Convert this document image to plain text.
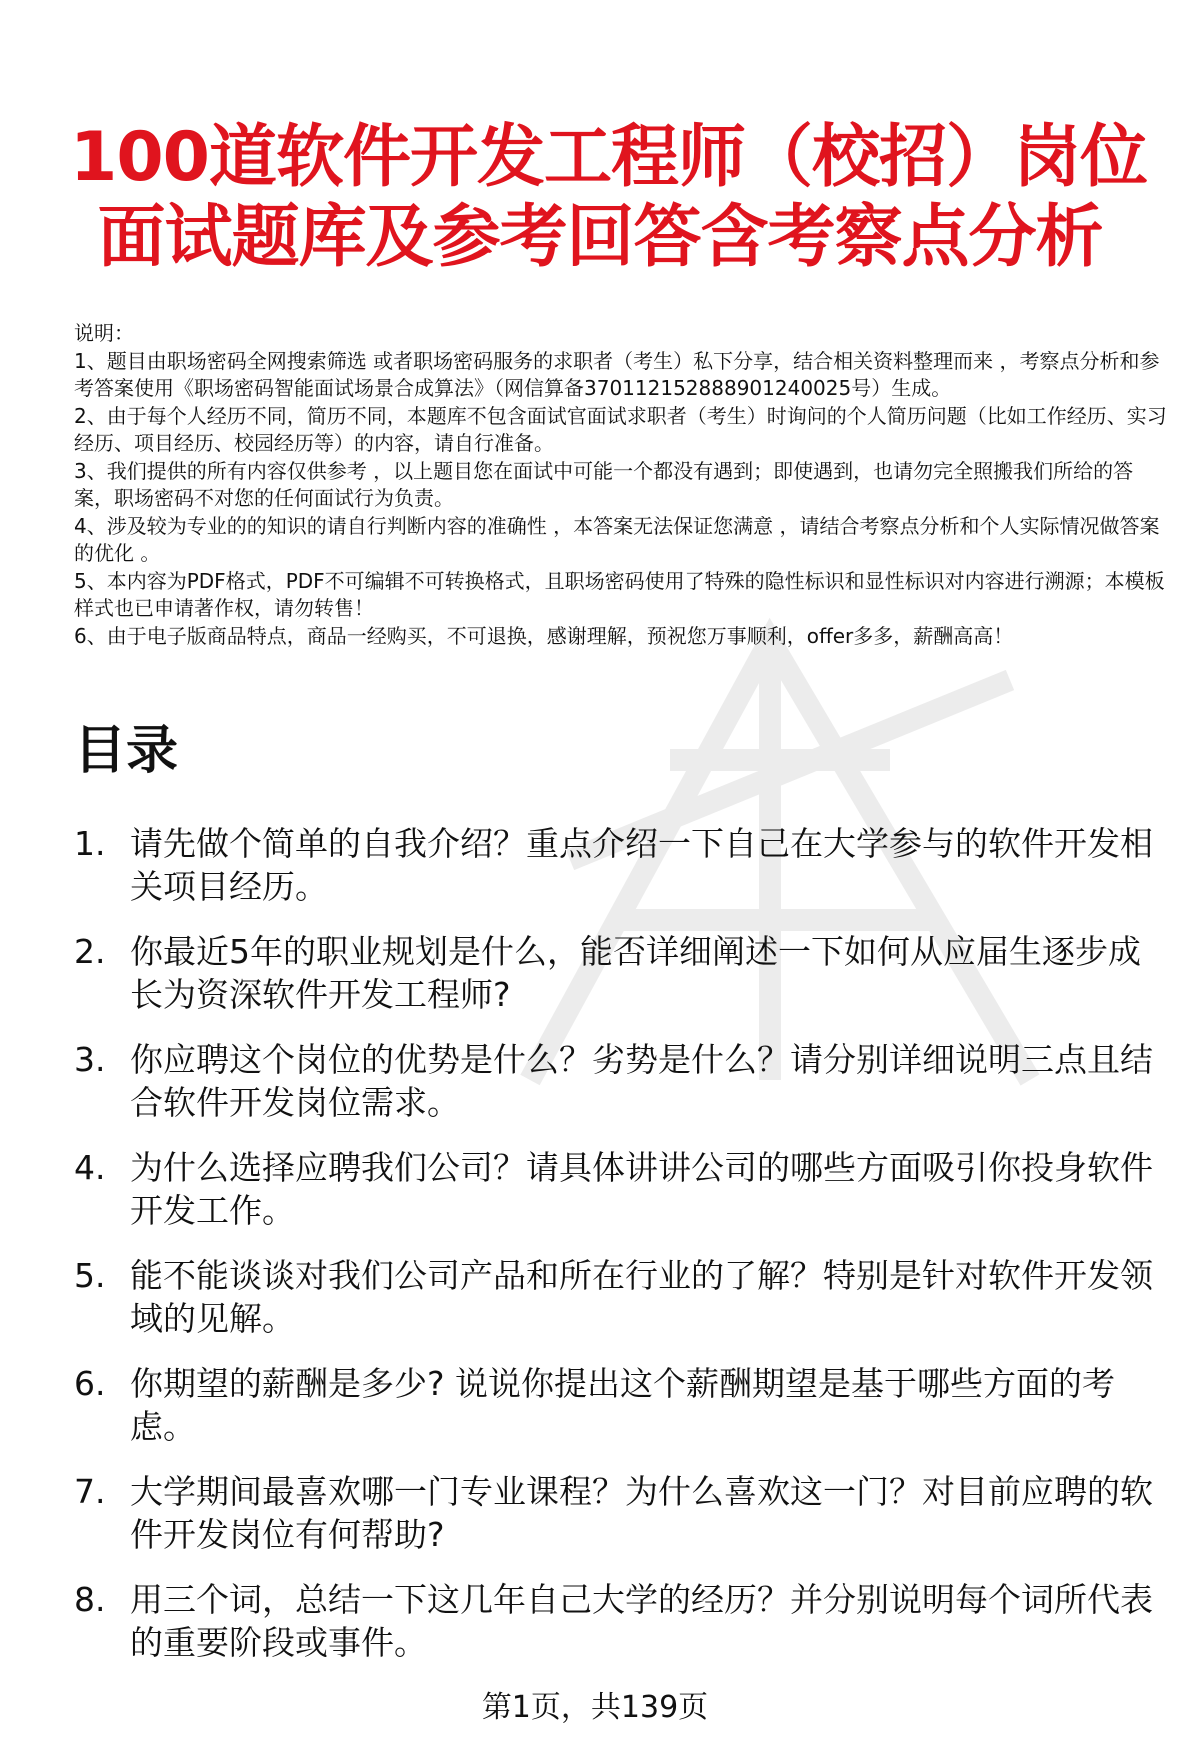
100道软件开发工程师（校招）岗位
面试题库及参考回答含考察点分析

说明：

1、题目由职场密码全网搜索筛选 或者职场密码服务的求职者（考生）私下分享，结合相关资料整理而来 ，考察点分析和参考答案使用《职场密码智能面试场景合成算法》（网信算备370112152888901240025号）生成。

2、由于每个人经历不同，简历不同，本题库不包含面试官面试求职者（考生）时询问的个人简历问题（比如工作经历、实习经历、项目经历、校园经历等）的内容，请自行准备。

3、我们提供的所有内容仅供参考 ，以上题目您在面试中可能一个都没有遇到；即使遇到，也请勿完全照搬我们所给的答案，职场密码不对您的任何面试行为负责。

4、涉及较为专业的的知识的请自行判断内容的准确性 ，本答案无法保证您满意 ，请结合考察点分析和个人实际情况做答案的优化 。

5、本内容为PDF格式，PDF不可编辑不可转换格式，且职场密码使用了特殊的隐性标识和显性标识对内容进行溯源；本模板样式也已申请著作权，请勿转售！

6、由于电子版商品特点，商品一经购买，不可退换，感谢理解，预祝您万事顺利，offer多多，薪酬高高！

目录
1. 请先做个简单的自我介绍？重点介绍一下自己在大学参与的软件开发相关项目经历。
2. 你最近5年的职业规划是什么，能否详细阐述一下如何从应届生逐步成长为资深软件开发工程师?
3. 你应聘这个岗位的优势是什么？劣势是什么？请分别详细说明三点且结合软件开发岗位需求。
4. 为什么选择应聘我们公司？请具体讲讲公司的哪些方面吸引你投身软件开发工作。
5. 能不能谈谈对我们公司产品和所在行业的了解？特别是针对软件开发领域的见解。
6. 你期望的薪酬是多少? 说说你提出这个薪酬期望是基于哪些方面的考虑。
7. 大学期间最喜欢哪一门专业课程？为什么喜欢这一门？对目前应聘的软件开发岗位有何帮助?
8. 用三个词，总结一下这几年自己大学的经历？并分别说明每个词所代表的重要阶段或事件。
第1页，共139页
